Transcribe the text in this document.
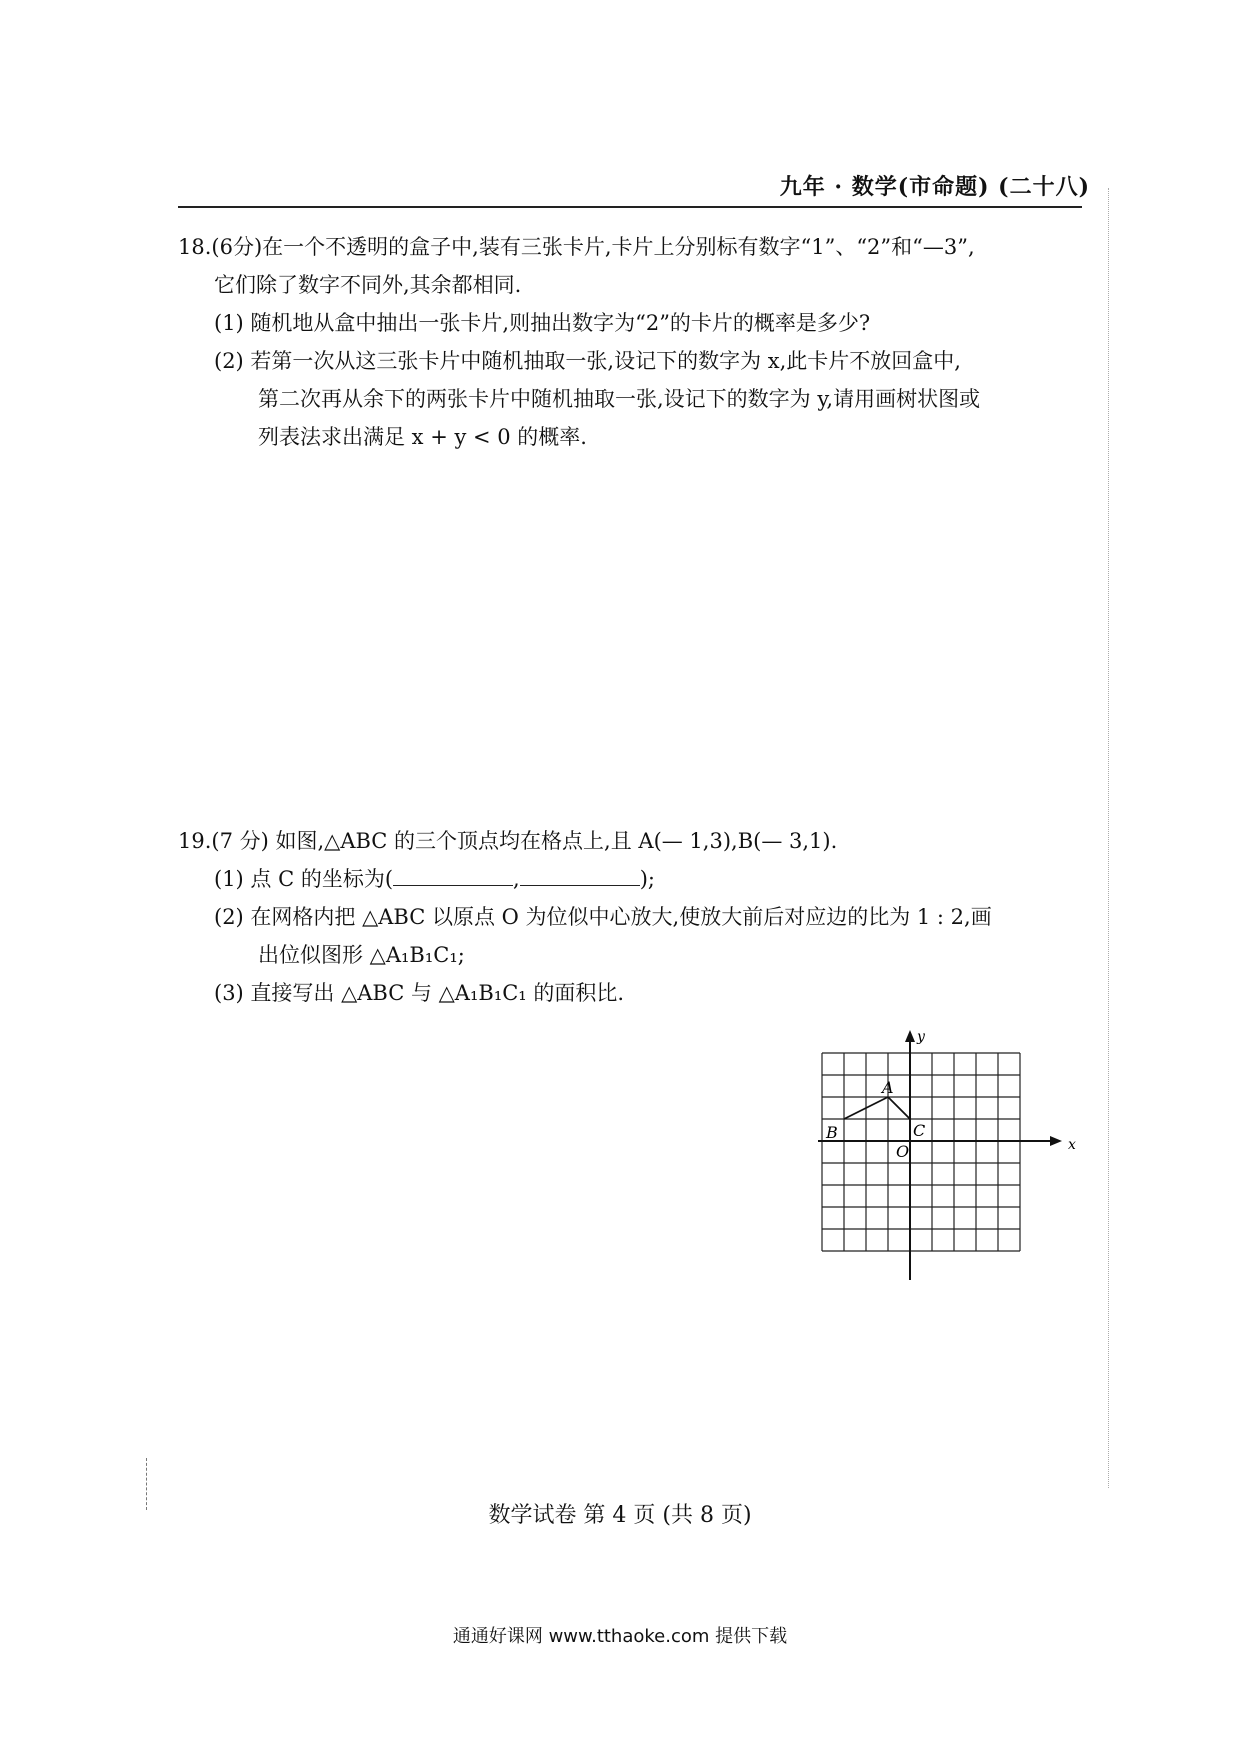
九年 · 数学(市命题) (二十八)
18.(6分)在一个不透明的盒子中,装有三张卡片,卡片上分别标有数字“1”、“2”和“—3”,
它们除了数字不同外,其余都相同.
(1) 随机地从盒中抽出一张卡片,则抽出数字为“2”的卡片的概率是多少?
(2) 若第一次从这三张卡片中随机抽取一张,设记下的数字为 x,此卡片不放回盒中,
第二次再从余下的两张卡片中随机抽取一张,设记下的数字为 y,请用画树状图或
列表法求出满足 x + y < 0 的概率.
19.(7 分) 如图,△ABC 的三个顶点均在格点上,且 A(— 1,3),B(— 3,1).
(1) 点 C 的坐标为(	,	);
(2) 在网格内把 △ABC 以原点 O 为位似中心放大,使放大前后对应边的比为 1 : 2,画
出位似图形 △A₁B₁C₁;
(3) 直接写出 △ABC 与 △A₁B₁C₁ 的面积比.
x
y
A
B	C
O
数学试卷 第 4 页 (共 8 页)
通通好课网 www.tthaoke.com 提供下载
